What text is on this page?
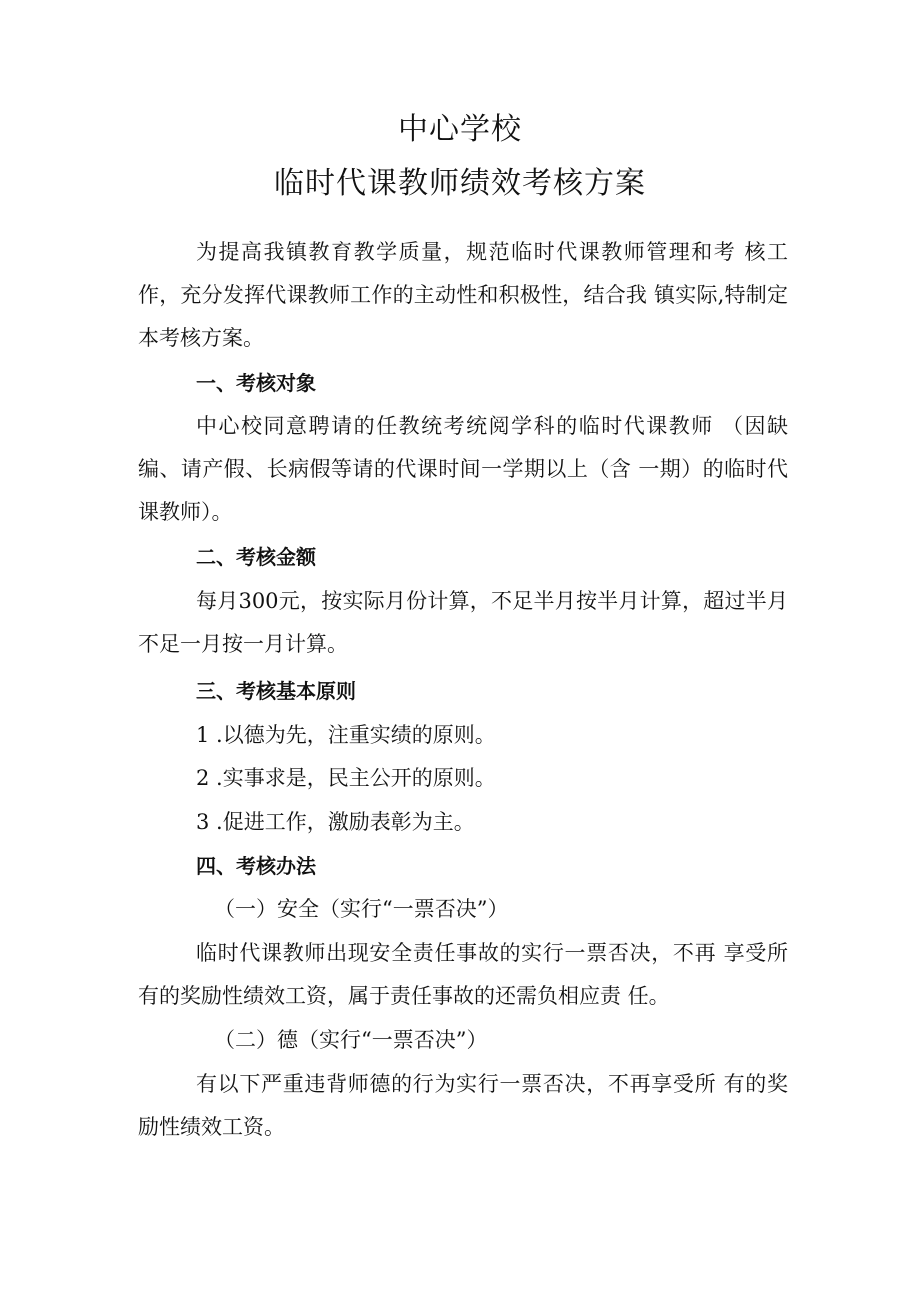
中心学校
临时代课教师绩效考核方案

为提高我镇教育教学质量，规范临时代课教师管理和考 核工作，充分发挥代课教师工作的主动性和积极性，结合我 镇实际,特制定本考核方案。

一、考核对象

中心校同意聘请的任教统考统阅学科的临时代课教师 （因缺编、请产假、长病假等请的代课时间一学期以上（含 一期）的临时代课教师）。

二、考核金额

每月300元，按实际月份计算，不足半月按半月计算，超过半月不足一月按一月计算。

三、考核基本原则

1 .以德为先，注重实绩的原则。

2 .实事求是，民主公开的原则。

3 .促进工作，激励表彰为主。

四、考核办法

（一）安全（实行“一票否决”）

临时代课教师出现安全责任事故的实行一票否决，不再 享受所有的奖励性绩效工资，属于责任事故的还需负相应责 任。

（二）德（实行“一票否决”）

有以下严重违背师德的行为实行一票否决，不再享受所 有的奖励性绩效工资。
